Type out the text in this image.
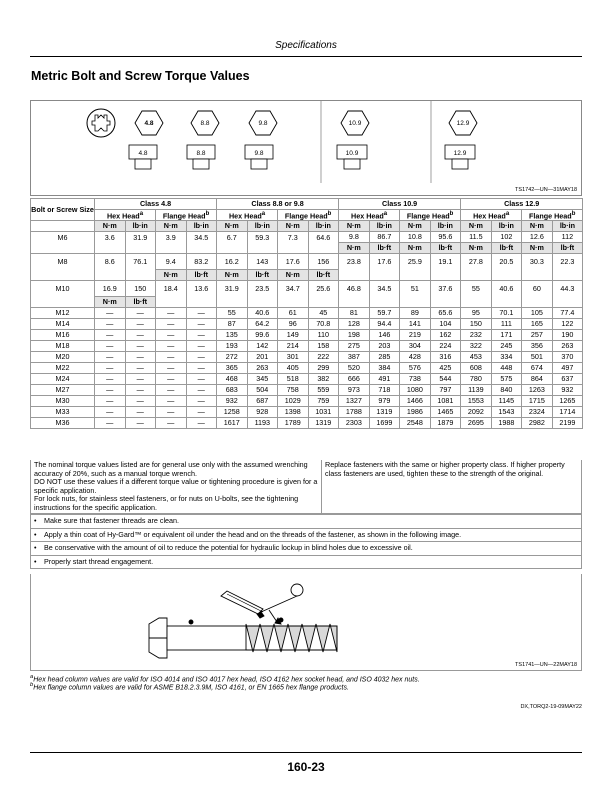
Specifications
Metric Bolt and Screw Torque Values
4.8	8.8	9.8	10.9	12.9
4.8	8.8	9.8	10.9	12.9
TS1742—UN—31MAY18
Bolt or Screw Size	Class 4.8				Class 8.8 or 9.8				Class 10.9				Class 12.9			
	Hex Head$^a$		Flange Head$^b$		Hex Head$^a$		Flange Head$^b$		Hex Head$^a$		Flange Head$^b$		Hex Head$^a$		Flange Head$^b$
	N·m	lb·in	N·m	lb·in	N·m	lb·in	N·m	lb·in	N·m	lb·in	N·m	lb·in	N·m	lb·in	N·m	lb·in
M6	3.6	31.9	3.9	34.5	6.7	59.3	7.3	64.6	9.8	86.7	10.8	95.6	11.5	102	12.6	112
									N·m	lb·ft	N·m	lb·ft	N·m	lb·ft	N·m	lb·ft
M8	8.6	76.1	9.4	83.2	16.2	143	17.6	156	23.8	17.6	25.9	19.1	27.8	20.5	30.3	22.3
			N·m	lb·ft	N·m	lb·ft	N·m	lb·ft								
M10	16.9	150	18.4	13.6	31.9	23.5	34.7	25.6	46.8	34.5	51	37.6	55	40.6	60	44.3
	N·m	lb·ft														
M12	—	—	—	—	55	40.6	61	45	81	59.7	89	65.6	95	70.1	105	77.4
M14	—	—	—	—	87	64.2	96	70.8	128	94.4	141	104	150	111	165	122
M16	—	—	—	—	135	99.6	149	110	198	146	219	162	232	171	257	190
M18	—	—	—	—	193	142	214	158	275	203	304	224	322	245	356	263
M20	—	—	—	—	272	201	301	222	387	285	428	316	453	334	501	370
M22	—	—	—	—	365	263	405	299	520	384	576	425	608	448	674	497
M24	—	—	—	—	468	345	518	382	666	491	738	544	780	575	864	637
M27	—	—	—	—	683	504	758	559	973	718	1080	797	1139	840	1263	932
M30	—	—	—	—	932	687	1029	759	1327	979	1466	1081	1553	1145	1715	1265
M33	—	—	—	—	1258	928	1398	1031	1788	1319	1986	1465	2092	1543	2324	1714
M36	—	—	—	—	1617	1193	1789	1319	2303	1699	2548	1879	2695	1988	2982	2199
The nominal torque values listed are for general use only with the assumed wrenching accuracy of 20%, such as a manual torque wrench.
DO NOT use these values if a different torque value or tightening procedure is given for a specific application.
For lock nuts, for stainless steel fasteners, or for nuts on U-bolts, see the tightening instructions for the specific application.
Replace fasteners with the same or higher property class. If higher property class fasteners are used, tighten these to the strength of the original.
•	Make sure that fastener threads are clean.
•	Apply a thin coat of Hy-Gard™ or equivalent oil under the head and on the threads of the fastener, as shown in the following image.
•	Be conservative with the amount of oil to reduce the potential for hydraulic lockup in blind holes due to excessive oil.
•	Properly start thread engagement.
TS1741—UN—22MAY18
$^a$Hex head column values are valid for ISO 4014 and ISO 4017 hex head, ISO 4162 hex socket head, and ISO 4032 hex nuts.
$^b$Hex flange column values are valid for ASME B18.2.3.9M, ISO 4161, or EN 1665 hex flange products.
DX,TORQ2-19-09MAY22
160-23
